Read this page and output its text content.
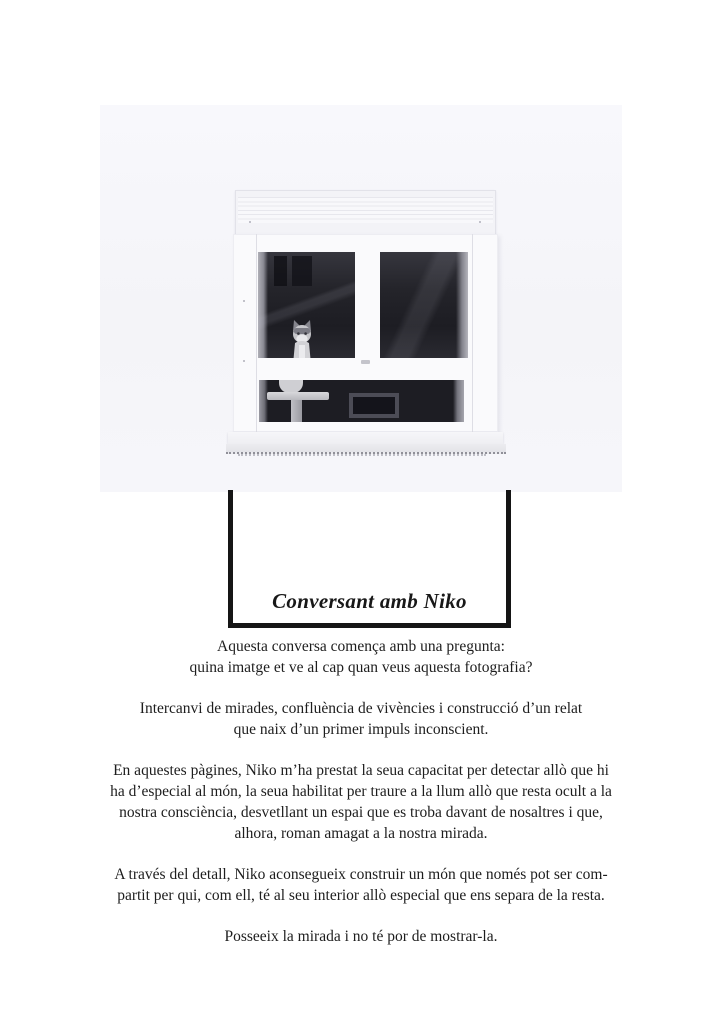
Conversant amb Niko

Aquesta conversa comença amb una pregunta:
quina imatge et ve al cap quan veus aquesta fotografia?

Intercanvi de mirades, confluència de vivències i construcció d’un relat
que naix d’un primer impuls inconscient.

En aquestes pàgines, Niko m’ha prestat la seua capacitat per detectar allò que hi
ha d’especial al món, la seua habilitat per traure a la llum allò que resta ocult a la
nostra consciència, desvetllant un espai que es troba davant de nosaltres i que,
alhora, roman amagat a la nostra mirada.

A través del detall, Niko aconsegueix construir un món que només pot ser com-
partit per qui, com ell, té al seu interior allò especial que ens separa de la resta.

Posseeix la mirada i no té por de mostrar-la.
